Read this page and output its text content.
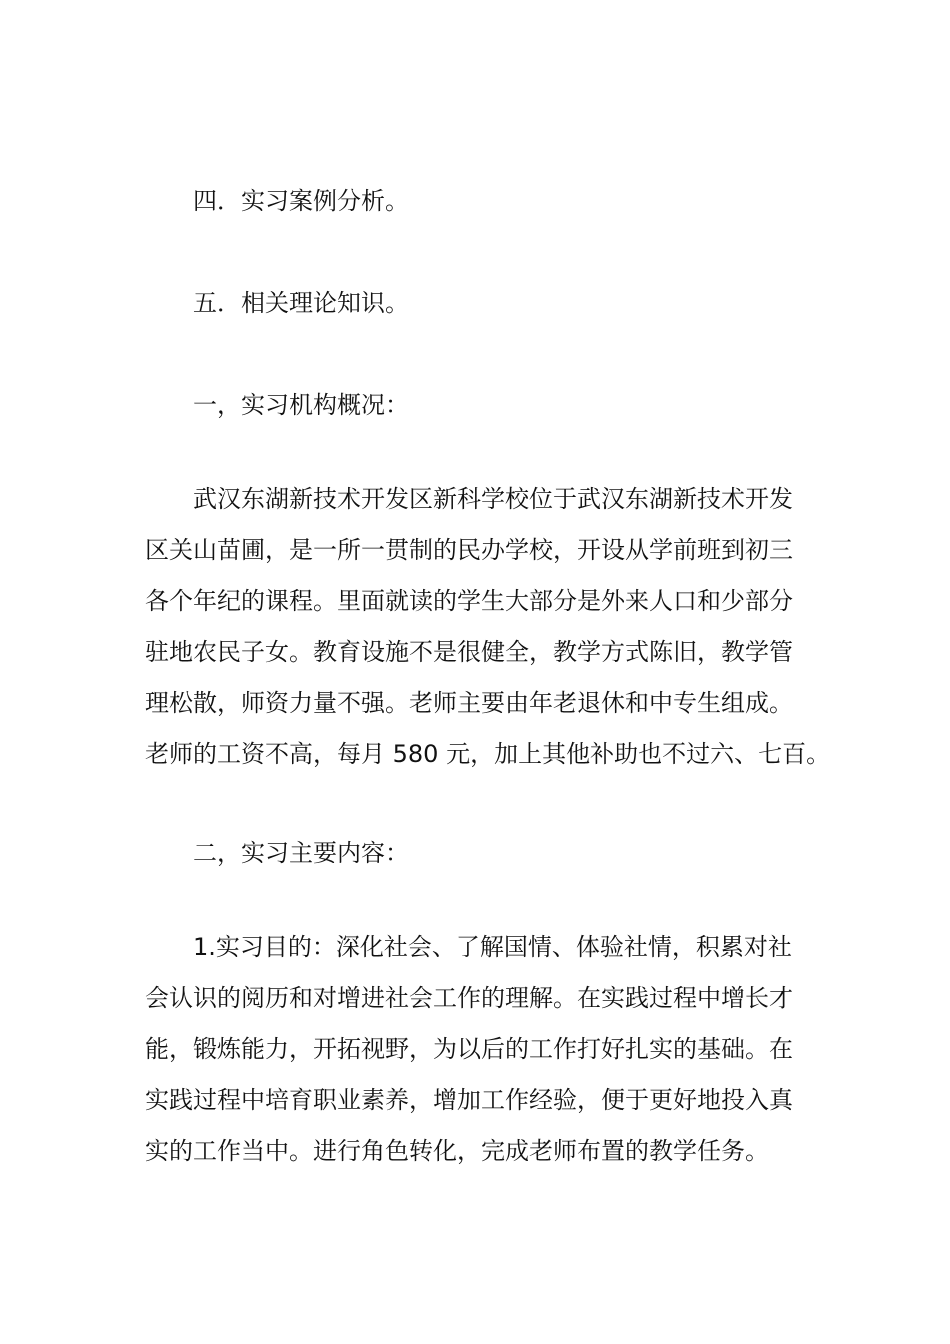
四．实习案例分析。
五．相关理论知识。
一，实习机构概况：
武汉东湖新技术开发区新科学校位于武汉东湖新技术开发
区关山苗圃，是一所一贯制的民办学校，开设从学前班到初三
各个年纪的课程。里面就读的学生大部分是外来人口和少部分
驻地农民子女。教育设施不是很健全，教学方式陈旧，教学管
理松散，师资力量不强。老师主要由年老退休和中专生组成。
老师的工资不高，每月 580 元，加上其他补助也不过六、七百。
二，实习主要内容：
1.实习目的：深化社会、了解国情、体验社情，积累对社
会认识的阅历和对增进社会工作的理解。在实践过程中增长才
能，锻炼能力，开拓视野，为以后的工作打好扎实的基础。在
实践过程中培育职业素养，增加工作经验，便于更好地投入真
实的工作当中。进行角色转化，完成老师布置的教学任务。
